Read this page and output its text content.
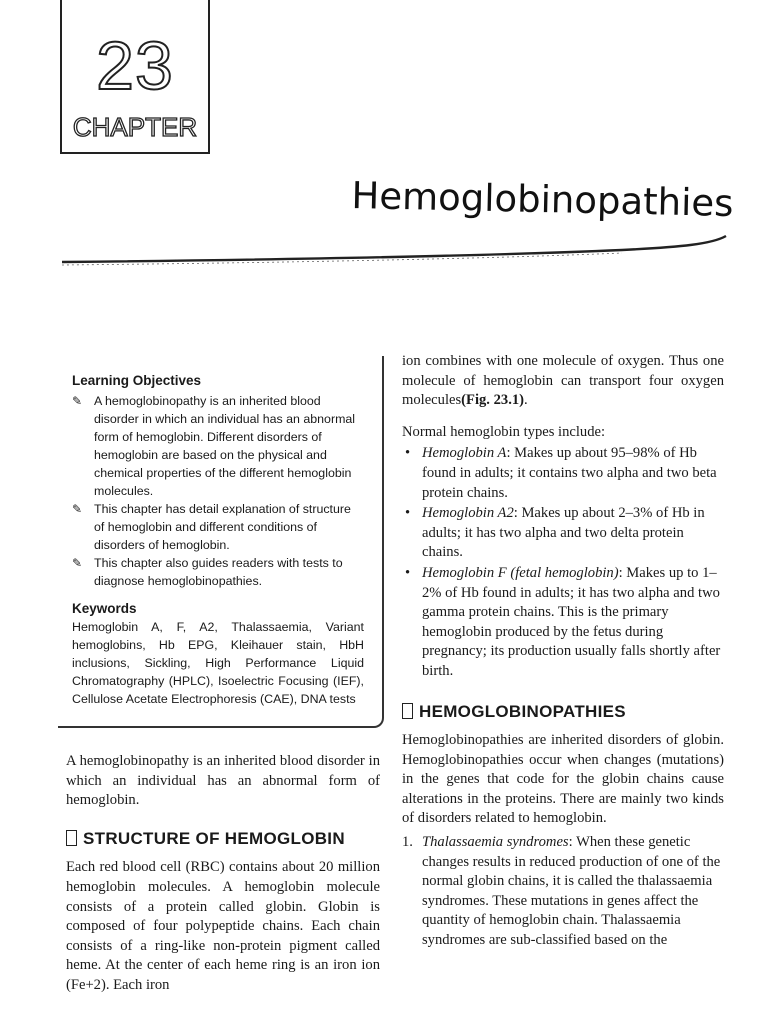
23
CHAPTER
Hemoglobinopathies
Learning Objectives
✎ A hemoglobinopathy is an inherited blood disorder in which an individual has an abnormal form of hemoglobin. Different disorders of hemoglobin are based on the physical and chemical properties of the different hemoglobin molecules.
✎ This chapter has detail explanation of structure of hemoglobin and different conditions of disorders of hemoglobin.
✎ This chapter also guides readers with tests to diagnose hemoglobinopathies.
Keywords
Hemoglobin A, F, A2, Thalassaemia, Variant hemoglobins, Hb EPG, Kleihauer stain, HbH inclusions, Sickling, High Performance Liquid Chromatography (HPLC), Isoelectric Focusing (IEF), Cellulose Acetate Electrophoresis (CAE), DNA tests

A hemoglobinopathy is an inherited blood disorder in which an individual has an abnormal form of hemoglobin.

STRUCTURE OF HEMOGLOBIN

Each red blood cell (RBC) contains about 20 million hemoglobin molecules. A hemoglobin molecule consists of a protein called globin. Globin is composed of four polypeptide chains. Each chain consists of a ring-like non-protein pigment called heme. At the center of each heme ring is an iron ion (Fe+2). Each iron

ion combines with one molecule of oxygen. Thus one molecule of hemoglobin can transport four oxygen molecules(Fig. 23.1).

Normal hemoglobin types include:

• Hemoglobin A: Makes up about 95–98% of Hb found in adults; it contains two alpha and two beta protein chains.
• Hemoglobin A2: Makes up about 2–3% of Hb in adults; it has two alpha and two delta protein chains.
• Hemoglobin F (fetal hemoglobin): Makes up to 1–2% of Hb found in adults; it has two alpha and two gamma protein chains. This is the primary hemoglobin produced by the fetus during pregnancy; its production usually falls shortly after birth.
HEMOGLOBINOPATHIES

Hemoglobinopathies are inherited disorders of globin. Hemoglobinopathies occur when changes (mutations) in the genes that code for the globin chains cause alterations in the proteins. There are mainly two kinds of disorders related to hemoglobin.

1. Thalassaemia syndromes: When these genetic changes results in reduced production of one of the normal globin chains, it is called the thalassaemia syndromes. These mutations in genes affect the quantity of hemoglobin chain. Thalassaemia syndromes are sub-classified based on the
